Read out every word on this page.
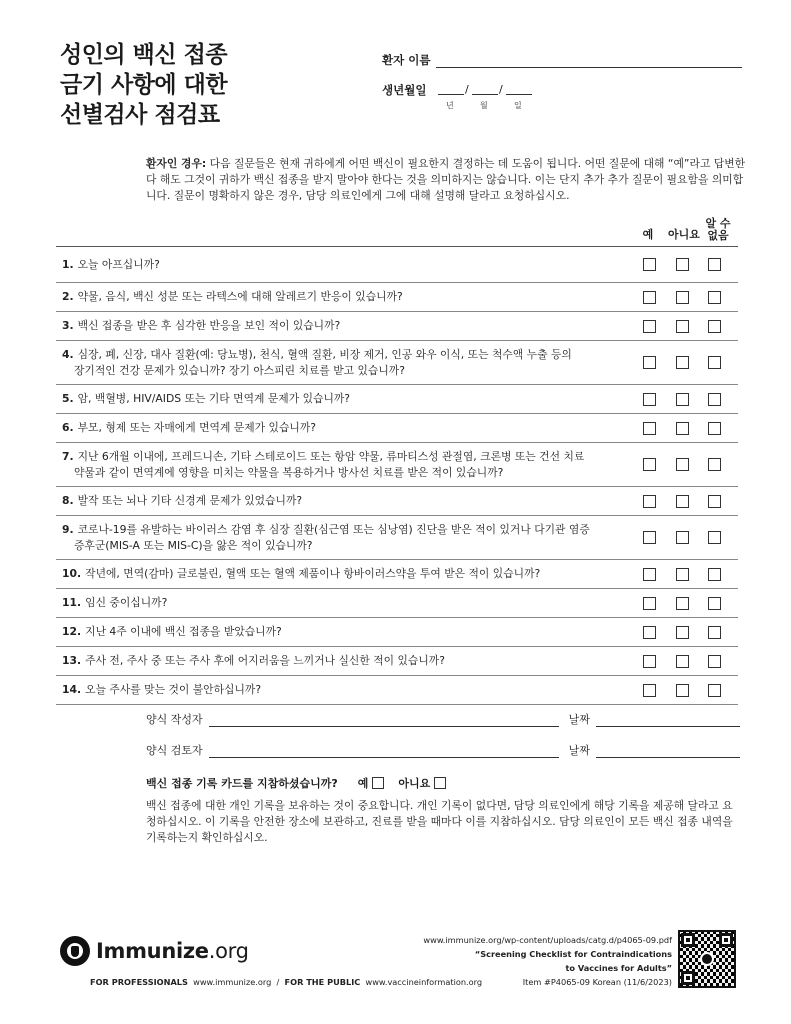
성인의 백신 접종
금기 사항에 대한
선별검사 점검표
환자 이름
생년월일	/	/
년	월	일
환자인 경우: 다음 질문들은 현재 귀하에게 어떤 백신이 필요한지 결정하는 데 도움이 됩니다. 어떤 질문에 대해 “예”라고 답변한다 해도 그것이 귀하가 백신 접종을 받지 말아야 한다는 것을 의미하지는 않습니다. 이는 단지 추가 추가 질문이 필요함을 의미합니다. 질문이 명확하지 않은 경우, 담당 의료인에게 그에 대해 설명해 달라고 요청하십시오.
예	아니요
알 수
없음
1. 오늘 아프십니까?
2. 약물, 음식, 백신 성분 또는 라텍스에 대해 알레르기 반응이 있습니까?
3. 백신 접종을 받은 후 심각한 반응을 보인 적이 있습니까?
4. 심장, 폐, 신장, 대사 질환(예: 당뇨병), 천식, 혈액 질환, 비장 제거, 인공 와우 이식, 또는 척수액 누출 등의
장기적인 건강 문제가 있습니까? 장기 아스피린 치료를 받고 있습니까?
5. 암, 백혈병, HIV/AIDS 또는 기타 면역계 문제가 있습니까?
6. 부모, 형제 또는 자매에게 면역계 문제가 있습니까?
7. 지난 6개월 이내에, 프레드니손, 기타 스테로이드 또는 항암 약물, 류마티스성 관절염, 크론병 또는 건선 치료
약물과 같이 면역계에 영향을 미치는 약물을 복용하거나 방사선 치료를 받은 적이 있습니까?
8. 발작 또는 뇌나 기타 신경계 문제가 있었습니까?
9. 코로나-19를 유발하는 바이러스 감염 후 심장 질환(심근염 또는 심낭염) 진단을 받은 적이 있거나 다기관 염증
증후군(MIS-A 또는 MIS-C)을 앓은 적이 있습니까?
10. 작년에, 면역(감마) 글로불린, 혈액 또는 혈액 제품이나 항바이러스약을 투여 받은 적이 있습니까?
11. 임신 중이십니까?
12. 지난 4주 이내에 백신 접종을 받았습니까?
13. 주사 전, 주사 중 또는 주사 후에 어지러움을 느끼거나 실신한 적이 있습니까?
14. 오늘 주사를 맞는 것이 불안하십니까?
양식 작성자	날짜
양식 검토자	날짜
백신 접종 기록 카드를 지참하셨습니까? 예	아니요
백신 접종에 대한 개인 기록을 보유하는 것이 중요합니다. 개인 기록이 없다면, 담당 의료인에게 해당 기록을 제공해 달라고 요청하십시오. 이 기록을 안전한 장소에 보관하고, 진료를 받을 때마다 이를 지참하십시오. 담당 의료인이 모든 백신 접종 내역을 기록하는지 확인하십시오.
Immunize.org
FOR PROFESSIONALS www.immunize.org / FOR THE PUBLIC www.vaccineinformation.org
www.immunize.org/wp-content/uploads/catg.d/p4065-09.pdf
“Screening Checklist for Contraindications
to Vaccines for Adults”
Item #P4065-09 Korean (11/6/2023)
